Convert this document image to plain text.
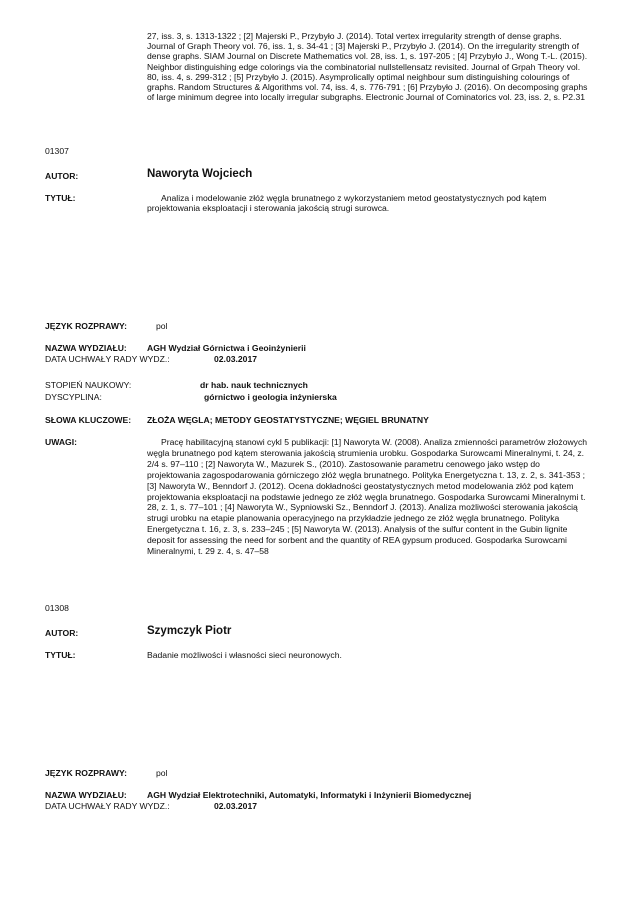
27, iss. 3, s. 1313-1322 ; [2] Majerski P., Przybyło J. (2014). Total vertex irregularity strength of dense graphs. Journal of Graph Theory vol. 76, iss. 1, s. 34-41 ; [3] Majerski P., Przybyło J. (2014). On the irregularity strength of dense graphs. SIAM Journal on Discrete Mathematics vol. 28, iss. 1, s. 197-205 ; [4] Przybyło J., Wong T.-L. (2015). Neighbor distinguishing edge colorings via the combinatorial nullstellensatz revisited. Journal of Grpah Theory vol. 80, iss. 4, s. 299-312 ; [5] Przybyło J. (2015). Asymprolically optimal neighbour sum distinguishing colourings of graphs. Random Structures & Algorithms vol. 74, iss. 4, s. 776-791 ; [6] Przybyło J. (2016). On decomposing graphs of large minimum degree into locally irregular subgraphs. Electronic Journal of Cominatorics vol. 23, iss. 2, s. P2.31
01307
AUTOR:	Naworyta Wojciech
TYTUŁ:	Analiza i modelowanie złóż węgla brunatnego z wykorzystaniem metod geostatystycznych pod kątem projektowania eksploatacji i sterowania jakością strugi surowca.
JĘZYK ROZPRAWY:	pol
NAZWA WYDZIAŁU: AGH Wydział Górnictwa i Geoinżynierii
DATA UCHWAŁY RADY WYDZ.:	02.03.2017
STOPIEŃ NAUKOWY:	dr hab. nauk technicznych
DYSCYPLINA:	górnictwo i geologia inżynierska
SŁOWA KLUCZOWE: ZŁOŻA WĘGLA; METODY GEOSTATYSTYCZNE; WĘGIEL BRUNATNY
UWAGI:	Pracę habilitacyjną stanowi cykl 5 publikacji: [1] Naworyta W. (2008). Analiza zmienności parametrów złożowych węgla brunatnego pod kątem sterowania jakością strumienia urobku. Gospodarka Surowcami Mineralnymi, t. 24, z. 2/4 s. 97–110 ; [2] Naworyta W., Mazurek S., (2010). Zastosowanie parametru cenowego jako wstęp do projektowania zagospodarowania górniczego złóż węgla brunatnego. Polityka Energetyczna t. 13, z. 2, s. 341-353 ; [3] Naworyta W., Benndorf J. (2012). Ocena dokładności geostatystycznych metod modelowania złóż pod kątem projektowania eksploatacji na podstawie jednego ze złóż węgla brunatnego. Gospodarka Surowcami Mineralnymi t. 28, z. 1, s. 77–101 ; [4] Naworyta W., Sypniowski Sz., Benndorf J. (2013). Analiza możliwości sterowania jakością strugi urobku na etapie planowania operacyjnego na przykładzie jednego ze złóż węgla brunatnego. Polityka Energetyczna t. 16, z. 3, s. 233–245 ; [5] Naworyta W. (2013). Analysis of the sulfur content in the Gubin lignite deposit for assessing the need for sorbent and the quantity of REA gypsum produced. Gospodarka Surowcami Mineralnymi, t. 29 z. 4, s. 47–58
01308
AUTOR:	Szymczyk Piotr
TYTUŁ:	Badanie możliwości i własności sieci neuronowych.
JĘZYK ROZPRAWY:	pol
NAZWA WYDZIAŁU: AGH Wydział Elektrotechniki, Automatyki, Informatyki i Inżynierii Biomedycznej
DATA UCHWAŁY RADY WYDZ.:	02.03.2017
